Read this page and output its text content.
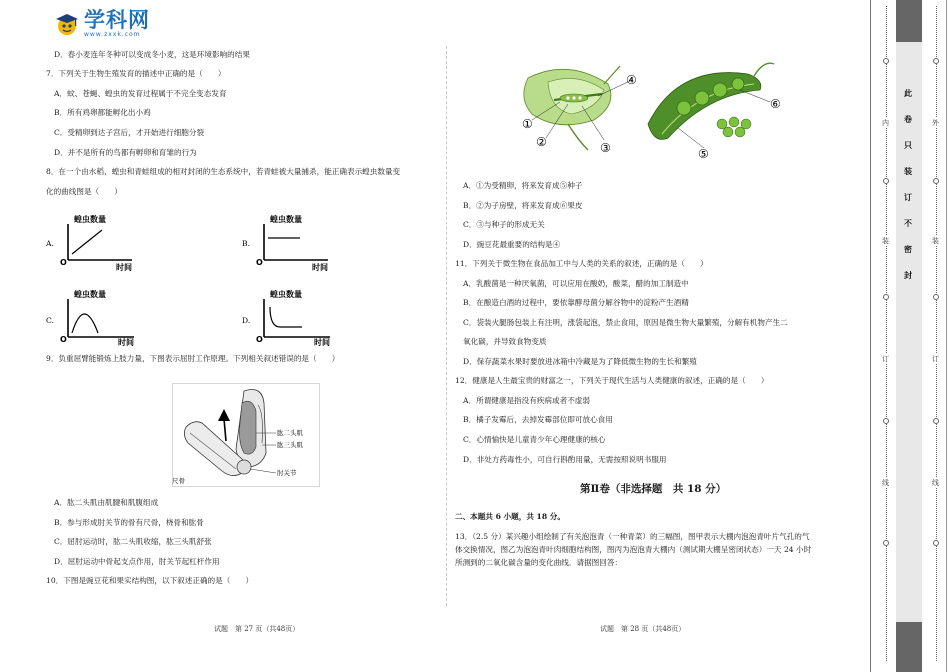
学科网
www.zxxk.com
D．春小麦连年冬种可以变成冬小麦，这是环境影响的结果
7．下列关于生物生殖发育的描述中正确的是（　　）
A．蚊、苍蝇、蝗虫的发育过程属于不完全变态发育
B．所有鸡卵都能孵化出小鸡
C．受精卵到达子宫后，才开始进行细胞分裂
D．并不是所有的鸟都有孵卵和育雏的行为
8．在一个由水稻、蝗虫和青蛙组成的相对封闭的生态系统中，若青蛙被大量捕杀，能正确表示蝗虫数量变
化的曲线图是（　　）
9．负重屈臂能锻炼上肢力量，下图表示屈肘工作原理。下列相关叙述错误的是（　　）
A．肱二头肌由肌腱和肌腹组成
B．参与形成肘关节的骨有尺骨，桡骨和肱骨
C．屈肘运动时，肱二头肌收缩，肱三头肌舒张
D．屈肘运动中骨起支点作用，肘关节起杠杆作用
10．下图是豌豆花和果实结构图，以下叙述正确的是（　　）
A.
蝗虫数量
O
时间
B.
蝗虫数量
O
时间
C.
蝗虫数量
O	时间
D.
蝗虫数量
O	时间
肱二头肌
肱三头肌
肘关节
尺骨
①
②	③
④
⑤
⑥
A．①为受精卵，将来发育成⑤种子
B．②为子房壁，将来发育成⑥果皮
C．③与种子的形成无关
D．豌豆花最重要的结构是④
11．下列关于微生物在食品加工中与人类的关系的叙述，正确的是（　　）
A．乳酸菌是一种厌氧菌，可以应用在酸奶，酸菜，醋的加工制造中
B．在酿造白酒的过程中，要依靠酵母菌分解谷物中的淀粉产生酒精
C．袋装火腿肠包装上有注明，涨袋起泡，禁止食用，原因是微生物大量繁殖，分解有机物产生二
氧化碳，并导致食物变质
D．保存蔬菜水果时要放进冰箱中冷藏是为了降低微生物的生长和繁殖
12．健康是人生最宝贵的财富之一，下列关于现代生活与人类健康的叙述，正确的是（　　）
A．所谓健康是指没有疾病或者不虚弱
B．橘子发霉后，去掉发霉部位即可放心食用
C．心情愉快是儿童青少年心理健康的核心
D．非处方药毒性小，可自行斟酌用量，无需按照说明书服用
二、本题共 6 小题，共 18 分。
13．（2.5 分）某兴趣小组绘制了有关泡泡青（一种青菜）的三幅图，图甲表示大棚内泡泡青叶片气孔的气
体交换情况，图乙为泡泡青叶肉细胞结构图，图丙为泡泡青大棚内（测试期大棚呈密闭状态）一天 24 小时
所测到的二氧化碳含量的变化曲线．请据图回答：
第Ⅱ卷（非选择题　共 18 分）
试题　第 27 页（共48页）	试题　第 28 页（共48页）
此
卷
只
装
订
不
密
封
内
装
订
线
外
装
订
线
